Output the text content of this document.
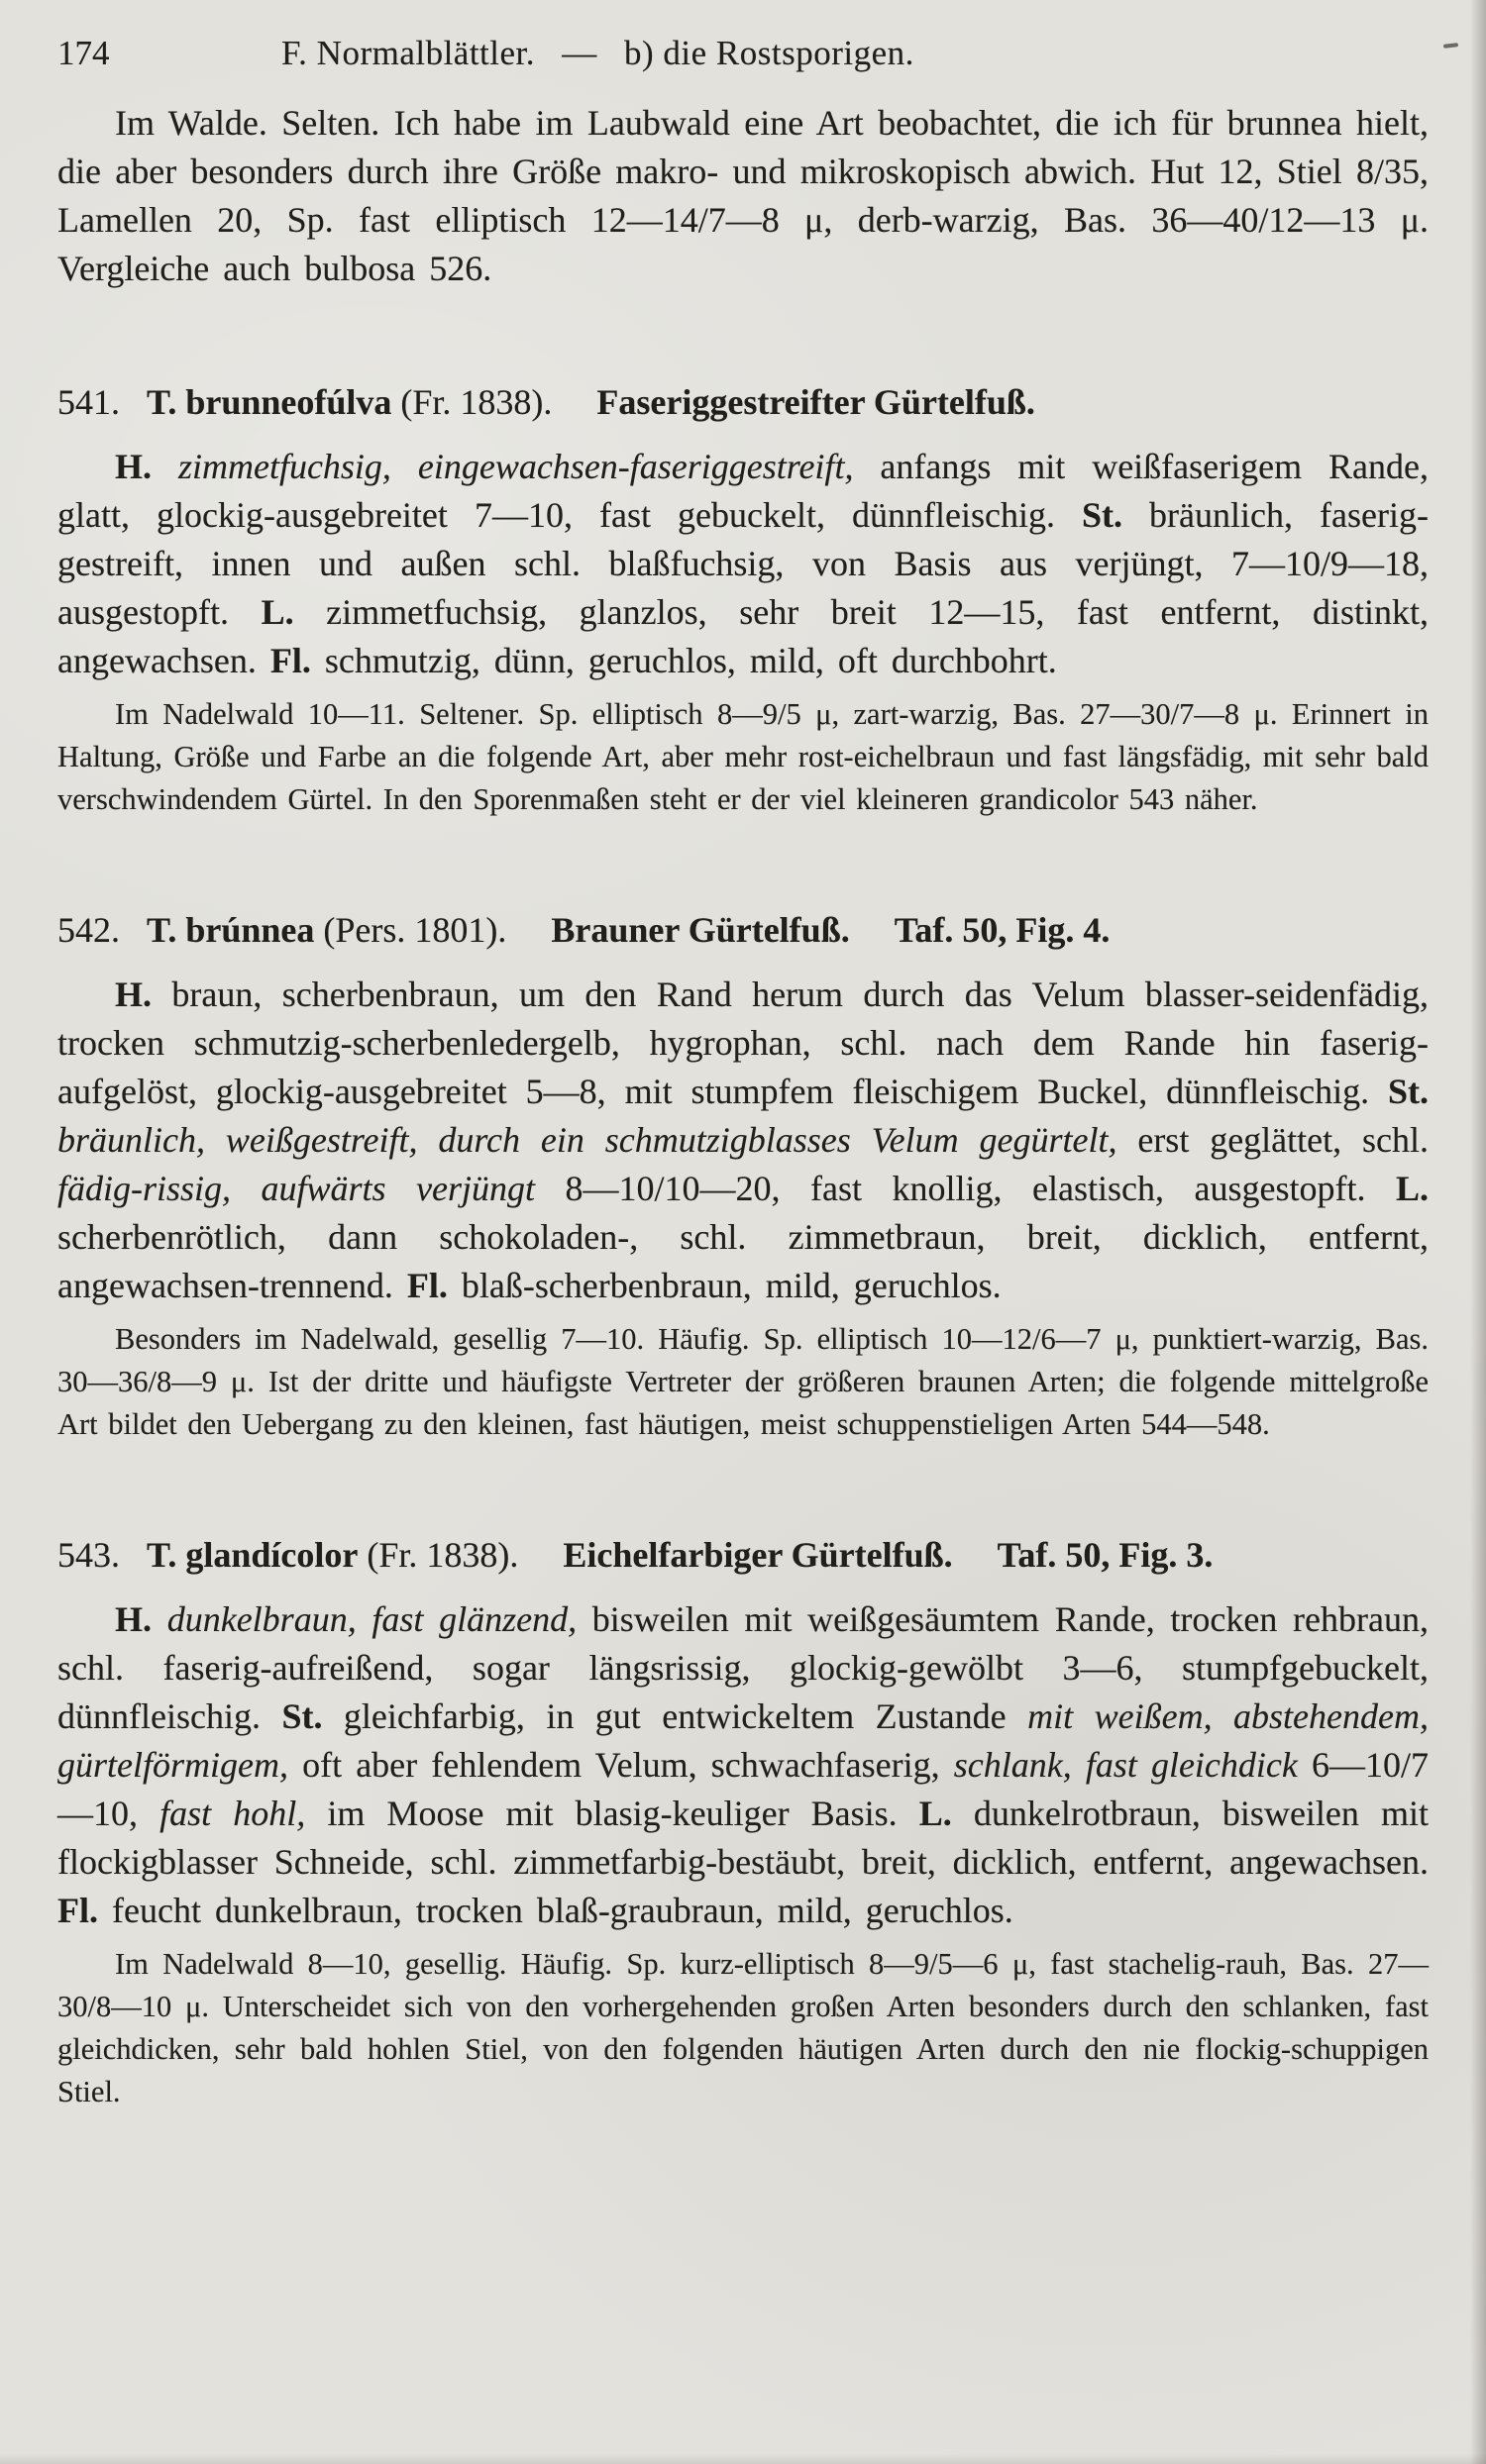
174	F. Normalblättler.  —  b) die Rostsporigen.

Im Walde. Selten. Ich habe im Laubwald eine Art beobachtet, die ich für brunnea hielt, die aber besonders durch ihre Größe makro- und mikroskopisch abwich. Hut 12, Stiel 8/35, Lamellen 20, Sp. fast elliptisch 12—14/7—8 μ, derb-warzig, Bas. 36—40/12—13 μ. Vergleiche auch bulbosa 526.

541.  T. brunneofúlva (Fr. 1838).   Faseriggestreifter Gürtelfuß.

H. zimmetfuchsig, eingewachsen-faseriggestreift, anfangs mit weißfaserigem Rande, glatt, glockig-ausgebreitet 7—10, fast gebuckelt, dünnfleischig. St. bräunlich, faserig-gestreift, innen und außen schl. blaßfuchsig, von Basis aus verjüngt, 7—10/9—18, ausgestopft. L. zimmetfuchsig, glanzlos, sehr breit 12—15, fast entfernt, distinkt, angewachsen. Fl. schmutzig, dünn, geruchlos, mild, oft durchbohrt.

Im Nadelwald 10—11. Seltener. Sp. elliptisch 8—9/5 μ, zart-warzig, Bas. 27—30/7—8 μ. Erinnert in Haltung, Größe und Farbe an die folgende Art, aber mehr rost-eichelbraun und fast längsfädig, mit sehr bald verschwindendem Gürtel. In den Sporenmaßen steht er der viel kleineren grandicolor 543 näher.

542.  T. brúnnea (Pers. 1801).   Brauner Gürtelfuß.   Taf. 50, Fig. 4.

H. braun, scherbenbraun, um den Rand herum durch das Velum blasser-seidenfädig, trocken schmutzig-scherbenledergelb, hygrophan, schl. nach dem Rande hin faserig-aufgelöst, glockig-ausgebreitet 5—8, mit stumpfem fleischigem Buckel, dünnfleischig. St. bräunlich, weißgestreift, durch ein schmutzigblasses Velum gegürtelt, erst geglättet, schl. fädig-rissig, aufwärts verjüngt 8—10/10—20, fast knollig, elastisch, ausgestopft. L. scherbenrötlich, dann schokoladen-, schl. zimmetbraun, breit, dicklich, entfernt, angewachsen-trennend. Fl. blaß-scherbenbraun, mild, geruchlos.

Besonders im Nadelwald, gesellig 7—10. Häufig. Sp. elliptisch 10—12/6—7 μ, punktiert-warzig, Bas. 30—36/8—9 μ. Ist der dritte und häufigste Vertreter der größeren braunen Arten; die folgende mittelgroße Art bildet den Uebergang zu den kleinen, fast häutigen, meist schuppenstieligen Arten 544—548.

543.  T. glandícolor (Fr. 1838).   Eichelfarbiger Gürtelfuß.   Taf. 50, Fig. 3.

H. dunkelbraun, fast glänzend, bisweilen mit weißgesäumtem Rande, trocken rehbraun, schl. faserig-aufreißend, sogar längsrissig, glockig-gewölbt 3—6, stumpfgebuckelt, dünnfleischig. St. gleichfarbig, in gut entwickeltem Zustande mit weißem, abstehendem, gürtelförmigem, oft aber fehlendem Velum, schwachfaserig, schlank, fast gleichdick 6—10/7—10, fast hohl, im Moose mit blasig-keuliger Basis. L. dunkelrotbraun, bisweilen mit flockigblasser Schneide, schl. zimmetfarbig-bestäubt, breit, dicklich, entfernt, angewachsen. Fl. feucht dunkelbraun, trocken blaß-graubraun, mild, geruchlos.

Im Nadelwald 8—10, gesellig. Häufig. Sp. kurz-elliptisch 8—9/5—6 μ, fast stachelig-rauh, Bas. 27—30/8—10 μ. Unterscheidet sich von den vorhergehenden großen Arten besonders durch den schlanken, fast gleichdicken, sehr bald hohlen Stiel, von den folgenden häutigen Arten durch den nie flockig-schuppigen Stiel.
